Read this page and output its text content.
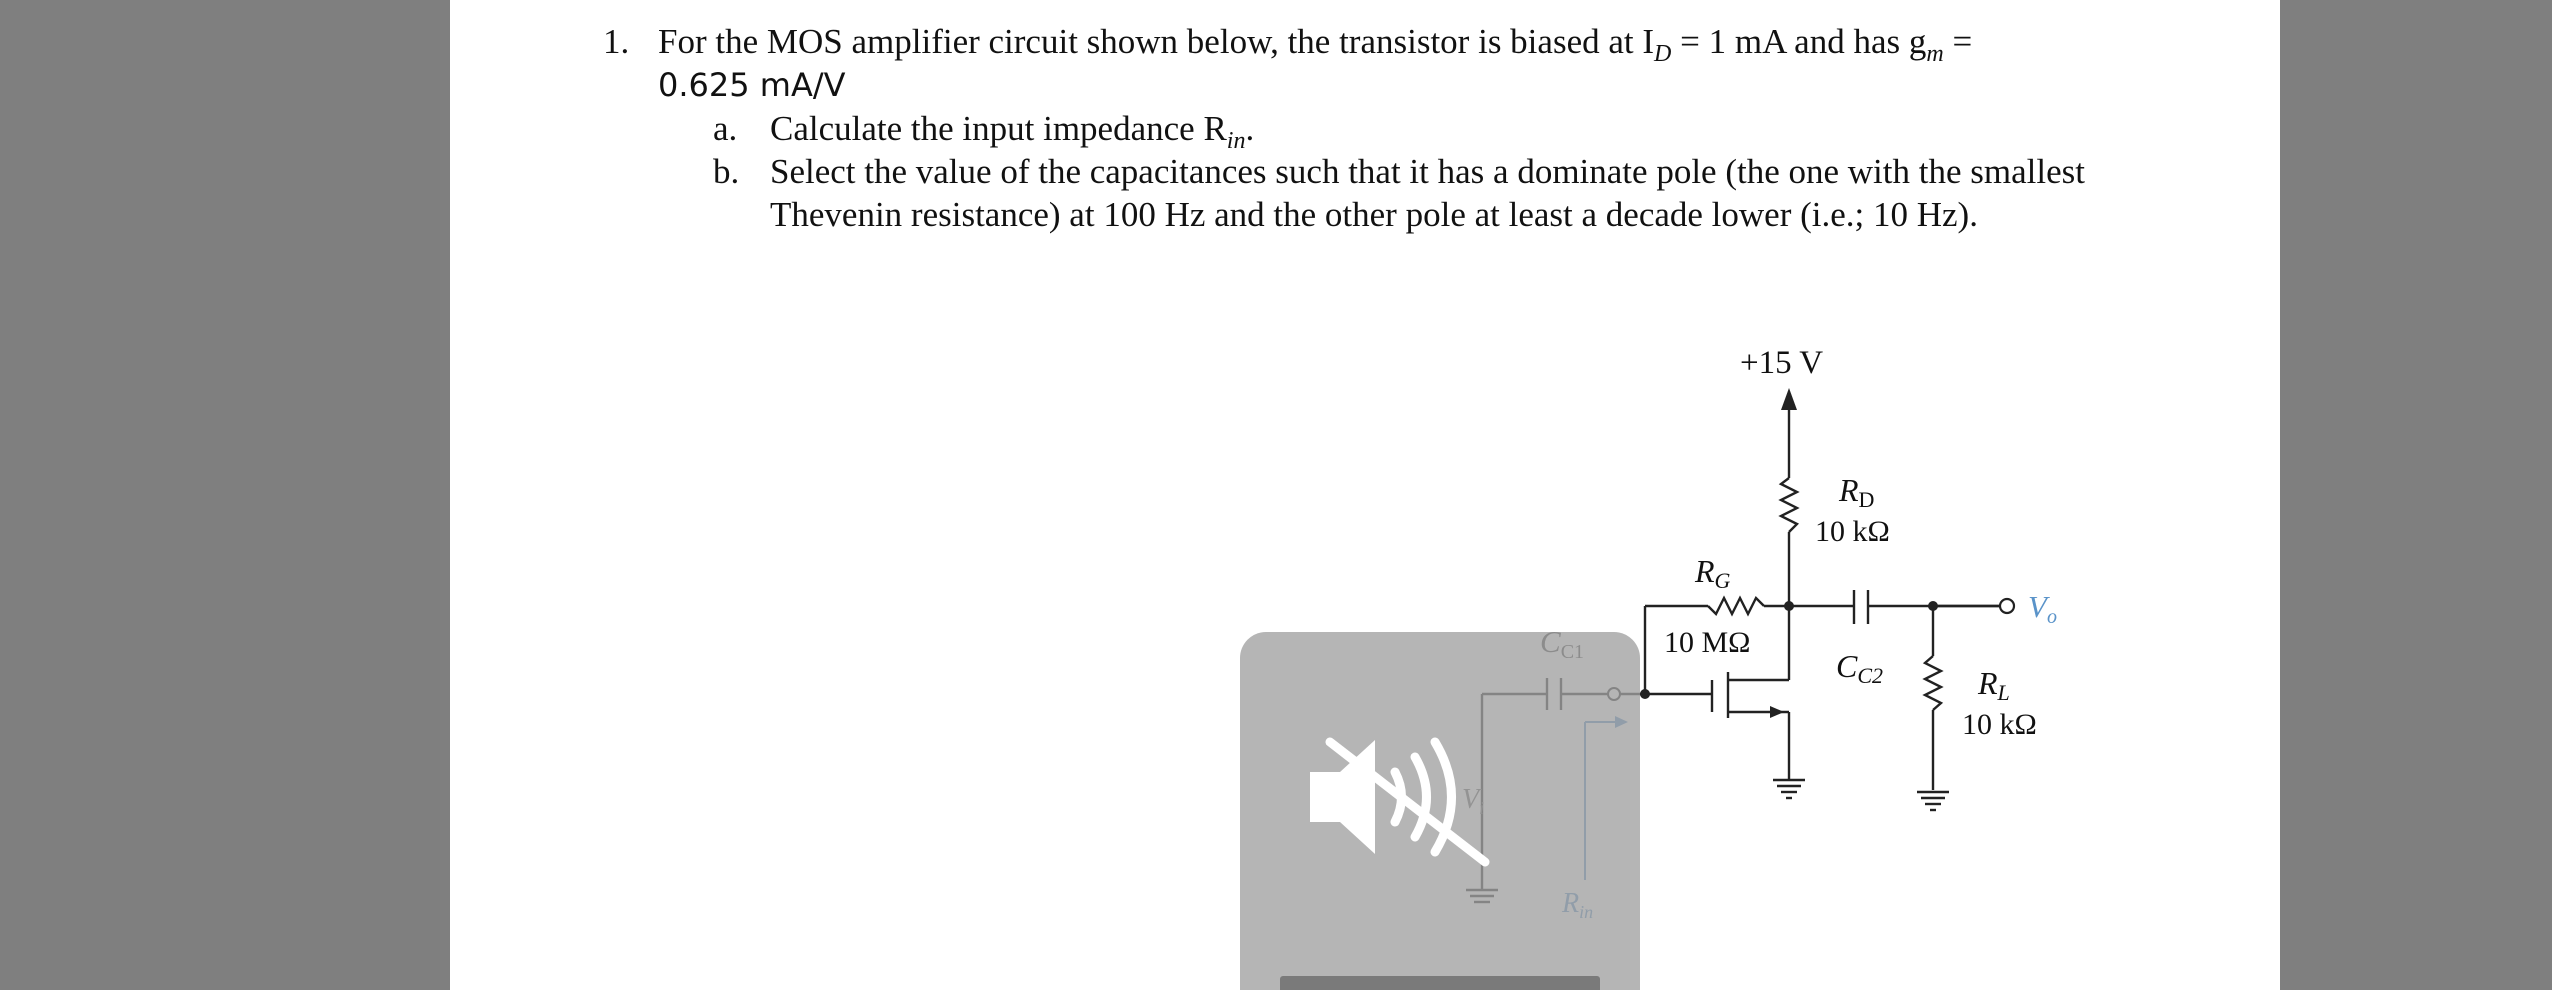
1. For the MOS amplifier circuit shown below, the transistor is biased at $I_D = 1$ mA and has $g_m$ =
0.625 mA/V
a. Calculate the input impedance $R_{in}$.
b. Select the value of the capacitances such that it has a dominate pole (the one with the smallest
Thevenin resistance) at 100 Hz and the other pole at least a decade lower (i.e.; 10 Hz).
+15 V
RD
10 kΩ
RG
10 MΩ
CC2
Vo
RL
10 kΩ
